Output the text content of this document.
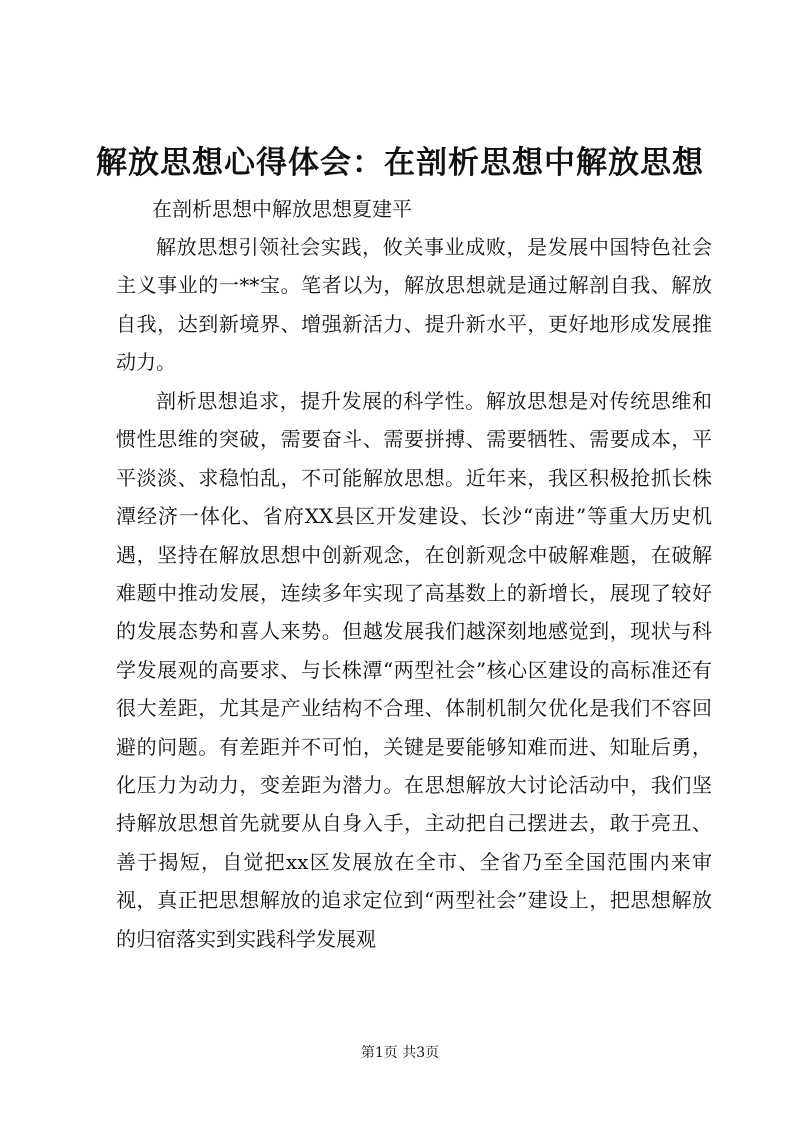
解放思想心得体会：在剖析思想中解放思想

在剖析思想中解放思想夏建平

解放思想引领社会实践，攸关事业成败，是发展中国特色社会主义事业的一**宝。笔者以为，解放思想就是通过解剖自我、解放自我，达到新境界、增强新活力、提升新水平，更好地形成发展推动力。

剖析思想追求，提升发展的科学性。解放思想是对传统思维和惯性思维的突破，需要奋斗、需要拼搏、需要牺牲、需要成本，平平淡淡、求稳怕乱，不可能解放思想。近年来，我区积极抢抓长株潭经济一体化、省府XX县区开发建设、长沙“南进”等重大历史机遇，坚持在解放思想中创新观念，在创新观念中破解难题，在破解难题中推动发展，连续多年实现了高基数上的新增长，展现了较好的发展态势和喜人来势。但越发展我们越深刻地感觉到，现状与科学发展观的高要求、与长株潭“两型社会”核心区建设的高标准还有很大差距，尤其是产业结构不合理、体制机制欠优化是我们不容回避的问题。有差距并不可怕，关键是要能够知难而进、知耻后勇，化压力为动力，变差距为潜力。在思想解放大讨论活动中，我们坚持解放思想首先就要从自身入手，主动把自己摆进去，敢于亮丑、善于揭短，自觉把xx区发展放在全市、全省乃至全国范围内来审视，真正把思想解放的追求定位到“两型社会”建设上，把思想解放的归宿落实到实践科学发展观

第1页 共3页
